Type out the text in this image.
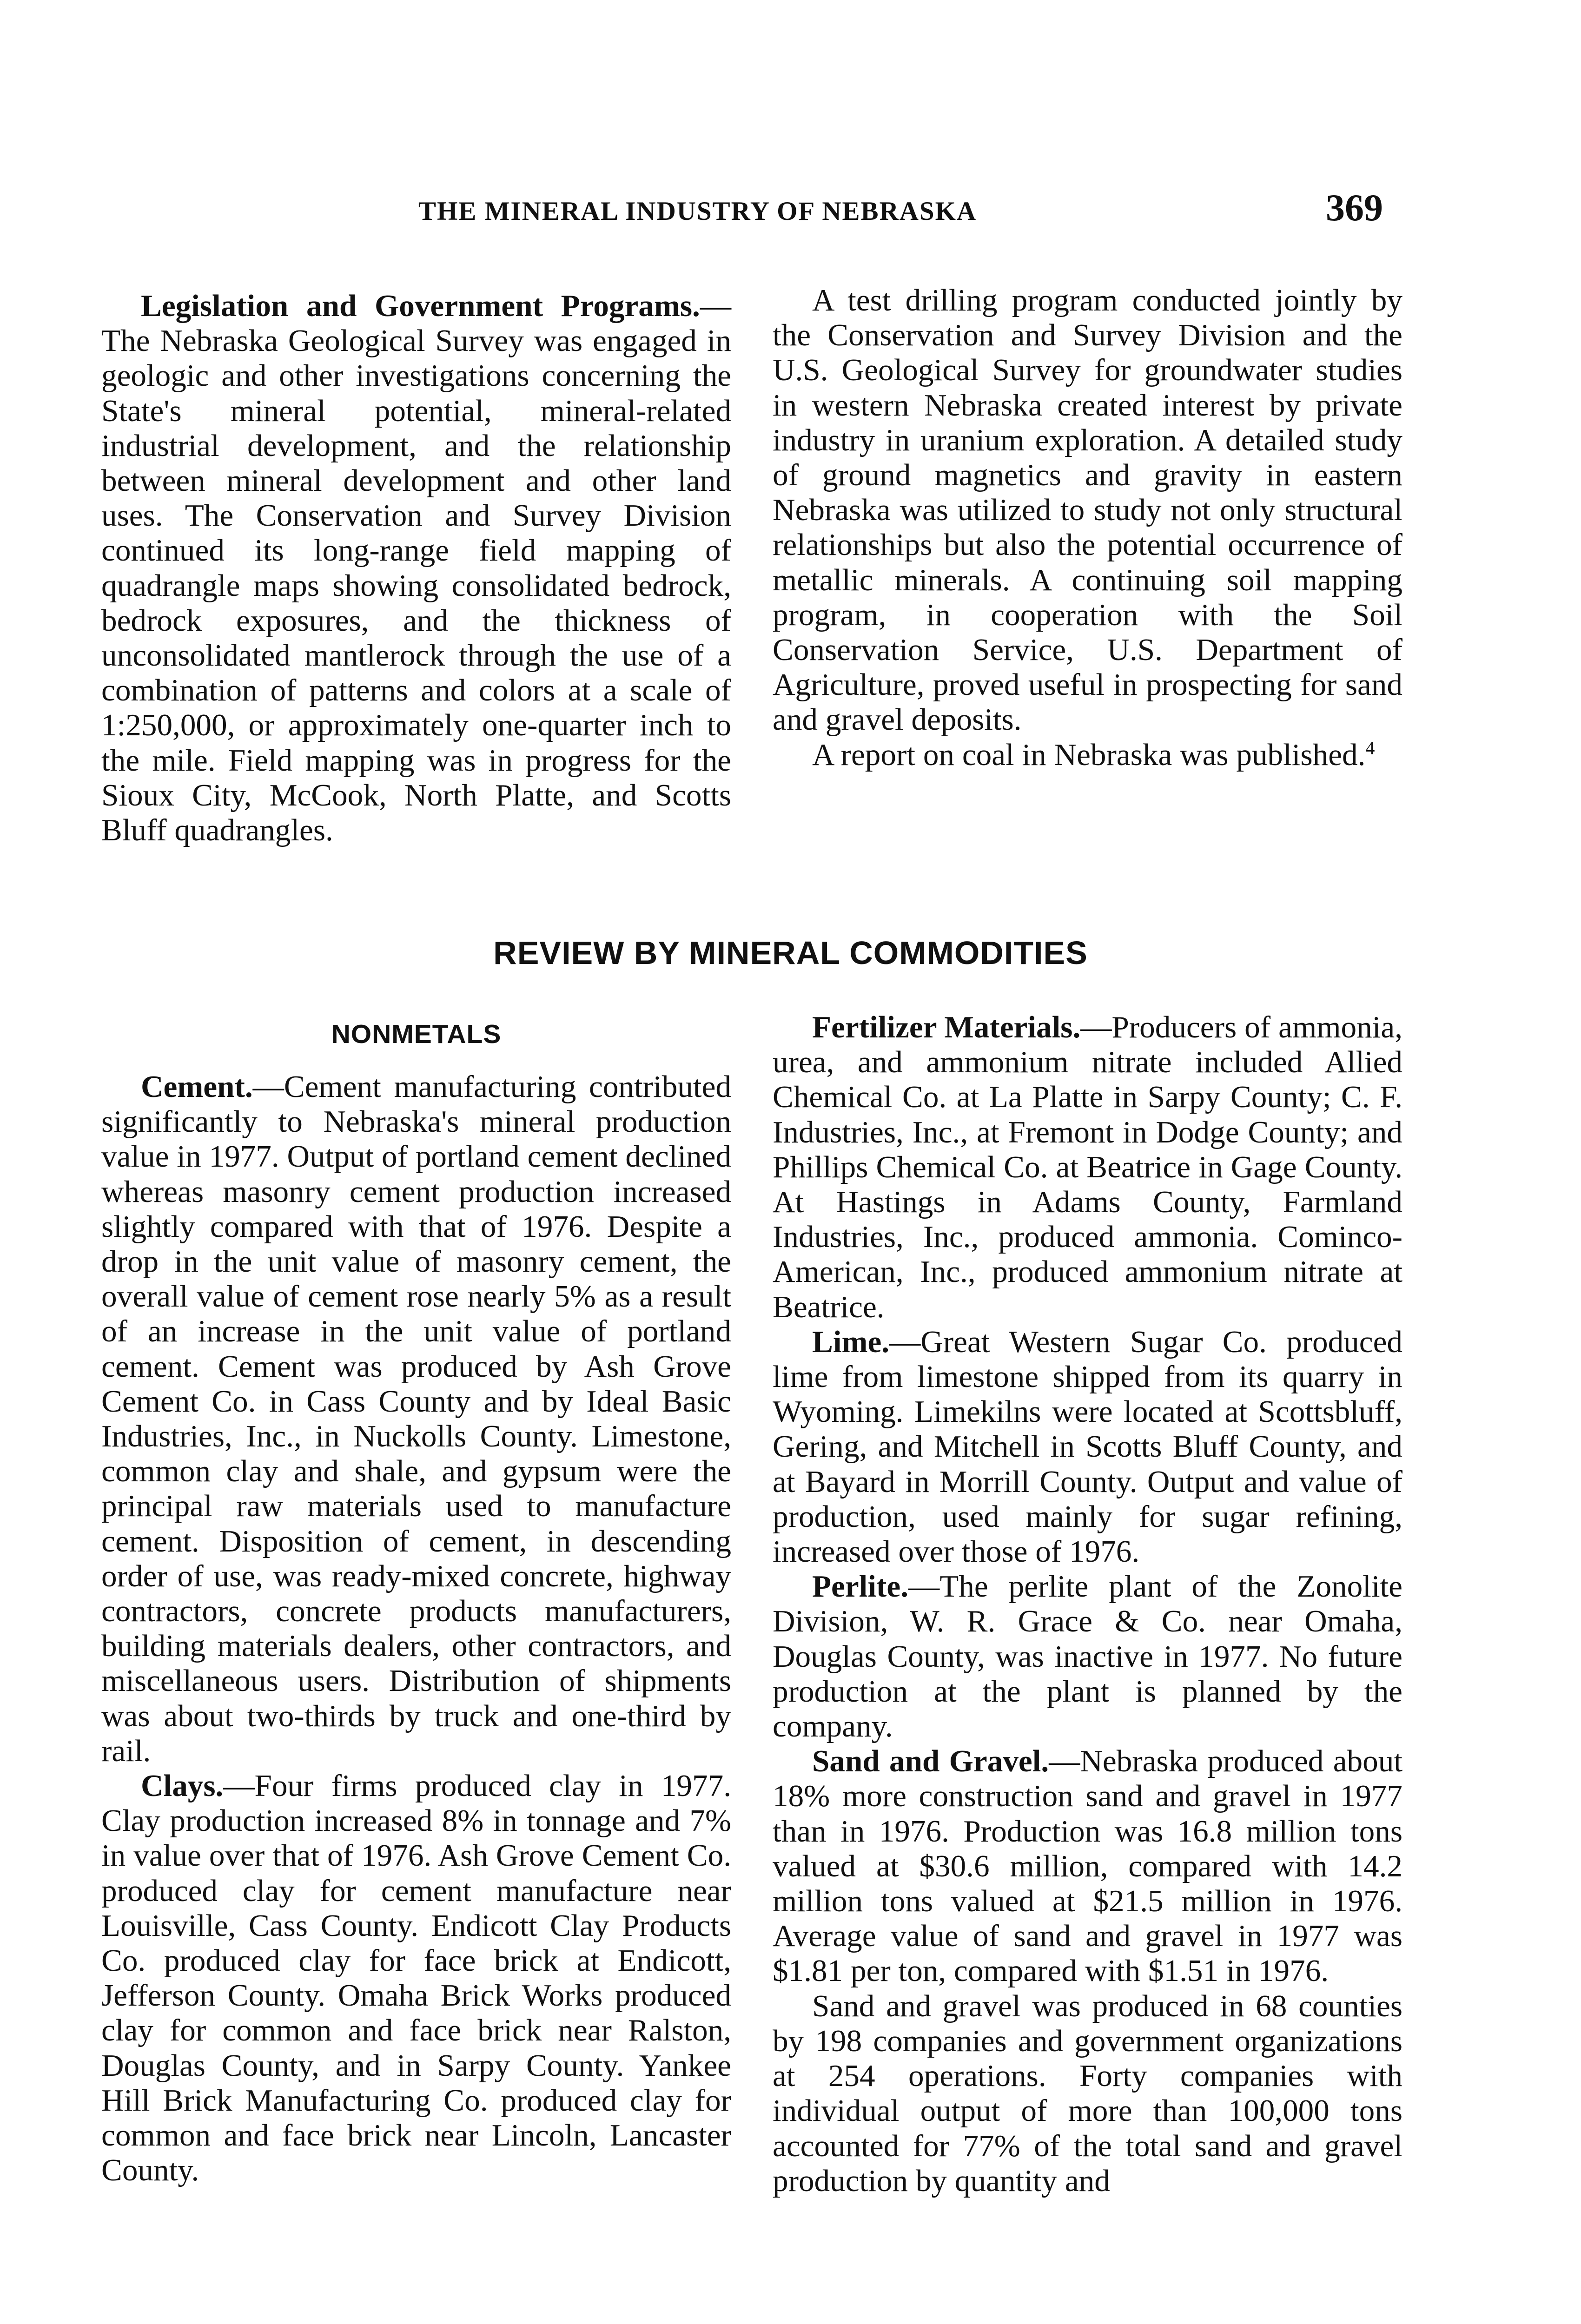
THE MINERAL INDUSTRY OF NEBRASKA	369

Legislation and Government Programs.—The Nebraska Geological Survey was engaged in geologic and other investigations concerning the State's mineral potential, mineral-related industrial development, and the relationship between mineral development and other land uses. The Conservation and Survey Division continued its long-range field mapping of quadrangle maps showing consolidated bedrock, bedrock exposures, and the thickness of unconsolidated mantlerock through the use of a combination of patterns and colors at a scale of 1:250,000, or approximately one-quarter inch to the mile. Field mapping was in progress for the Sioux City, McCook, North Platte, and Scotts Bluff quadrangles.

A test drilling program conducted jointly by the Conservation and Survey Division and the U.S. Geological Survey for groundwater studies in western Nebraska created interest by private industry in uranium exploration. A detailed study of ground magnetics and gravity in eastern Nebraska was utilized to study not only structural relationships but also the potential occurrence of metallic minerals. A continuing soil mapping program, in cooperation with the Soil Conservation Service, U.S. Department of Agriculture, proved useful in prospecting for sand and gravel deposits.

A report on coal in Nebraska was published.$^4$

REVIEW BY MINERAL COMMODITIES
NONMETALS

Cement.—Cement manufacturing contributed significantly to Nebraska's mineral production value in 1977. Output of portland cement declined whereas masonry cement production increased slightly compared with that of 1976. Despite a drop in the unit value of masonry cement, the overall value of cement rose nearly 5% as a result of an increase in the unit value of portland cement. Cement was produced by Ash Grove Cement Co. in Cass County and by Ideal Basic Industries, Inc., in Nuckolls County. Limestone, common clay and shale, and gypsum were the principal raw materials used to manufacture cement. Disposition of cement, in descending order of use, was ready-mixed concrete, highway contractors, concrete products manufacturers, building materials dealers, other contractors, and miscellaneous users. Distribution of shipments was about two-thirds by truck and one-third by rail.

Clays.—Four firms produced clay in 1977. Clay production increased 8% in tonnage and 7% in value over that of 1976. Ash Grove Cement Co. produced clay for cement manufacture near Louisville, Cass County. Endicott Clay Products Co. produced clay for face brick at Endicott, Jefferson County. Omaha Brick Works produced clay for common and face brick near Ralston, Douglas County, and in Sarpy County. Yankee Hill Brick Manufacturing Co. produced clay for common and face brick near Lincoln, Lancaster County.

Fertilizer Materials.—Producers of ammonia, urea, and ammonium nitrate included Allied Chemical Co. at La Platte in Sarpy County; C. F. Industries, Inc., at Fremont in Dodge County; and Phillips Chemical Co. at Beatrice in Gage County. At Hastings in Adams County, Farmland Industries, Inc., produced ammonia. Cominco-American, Inc., produced ammonium nitrate at Beatrice.

Lime.—Great Western Sugar Co. produced lime from limestone shipped from its quarry in Wyoming. Limekilns were located at Scottsbluff, Gering, and Mitchell in Scotts Bluff County, and at Bayard in Morrill County. Output and value of production, used mainly for sugar refining, increased over those of 1976.

Perlite.—The perlite plant of the Zonolite Division, W. R. Grace & Co. near Omaha, Douglas County, was inactive in 1977. No future production at the plant is planned by the company.

Sand and Gravel.—Nebraska produced about 18% more construction sand and gravel in 1977 than in 1976. Production was 16.8 million tons valued at $30.6 million, compared with 14.2 million tons valued at $21.5 million in 1976. Average value of sand and gravel in 1977 was $1.81 per ton, compared with $1.51 in 1976.

Sand and gravel was produced in 68 counties by 198 companies and government organizations at 254 operations. Forty companies with individual output of more than 100,000 tons accounted for 77% of the total sand and gravel production by quantity and
